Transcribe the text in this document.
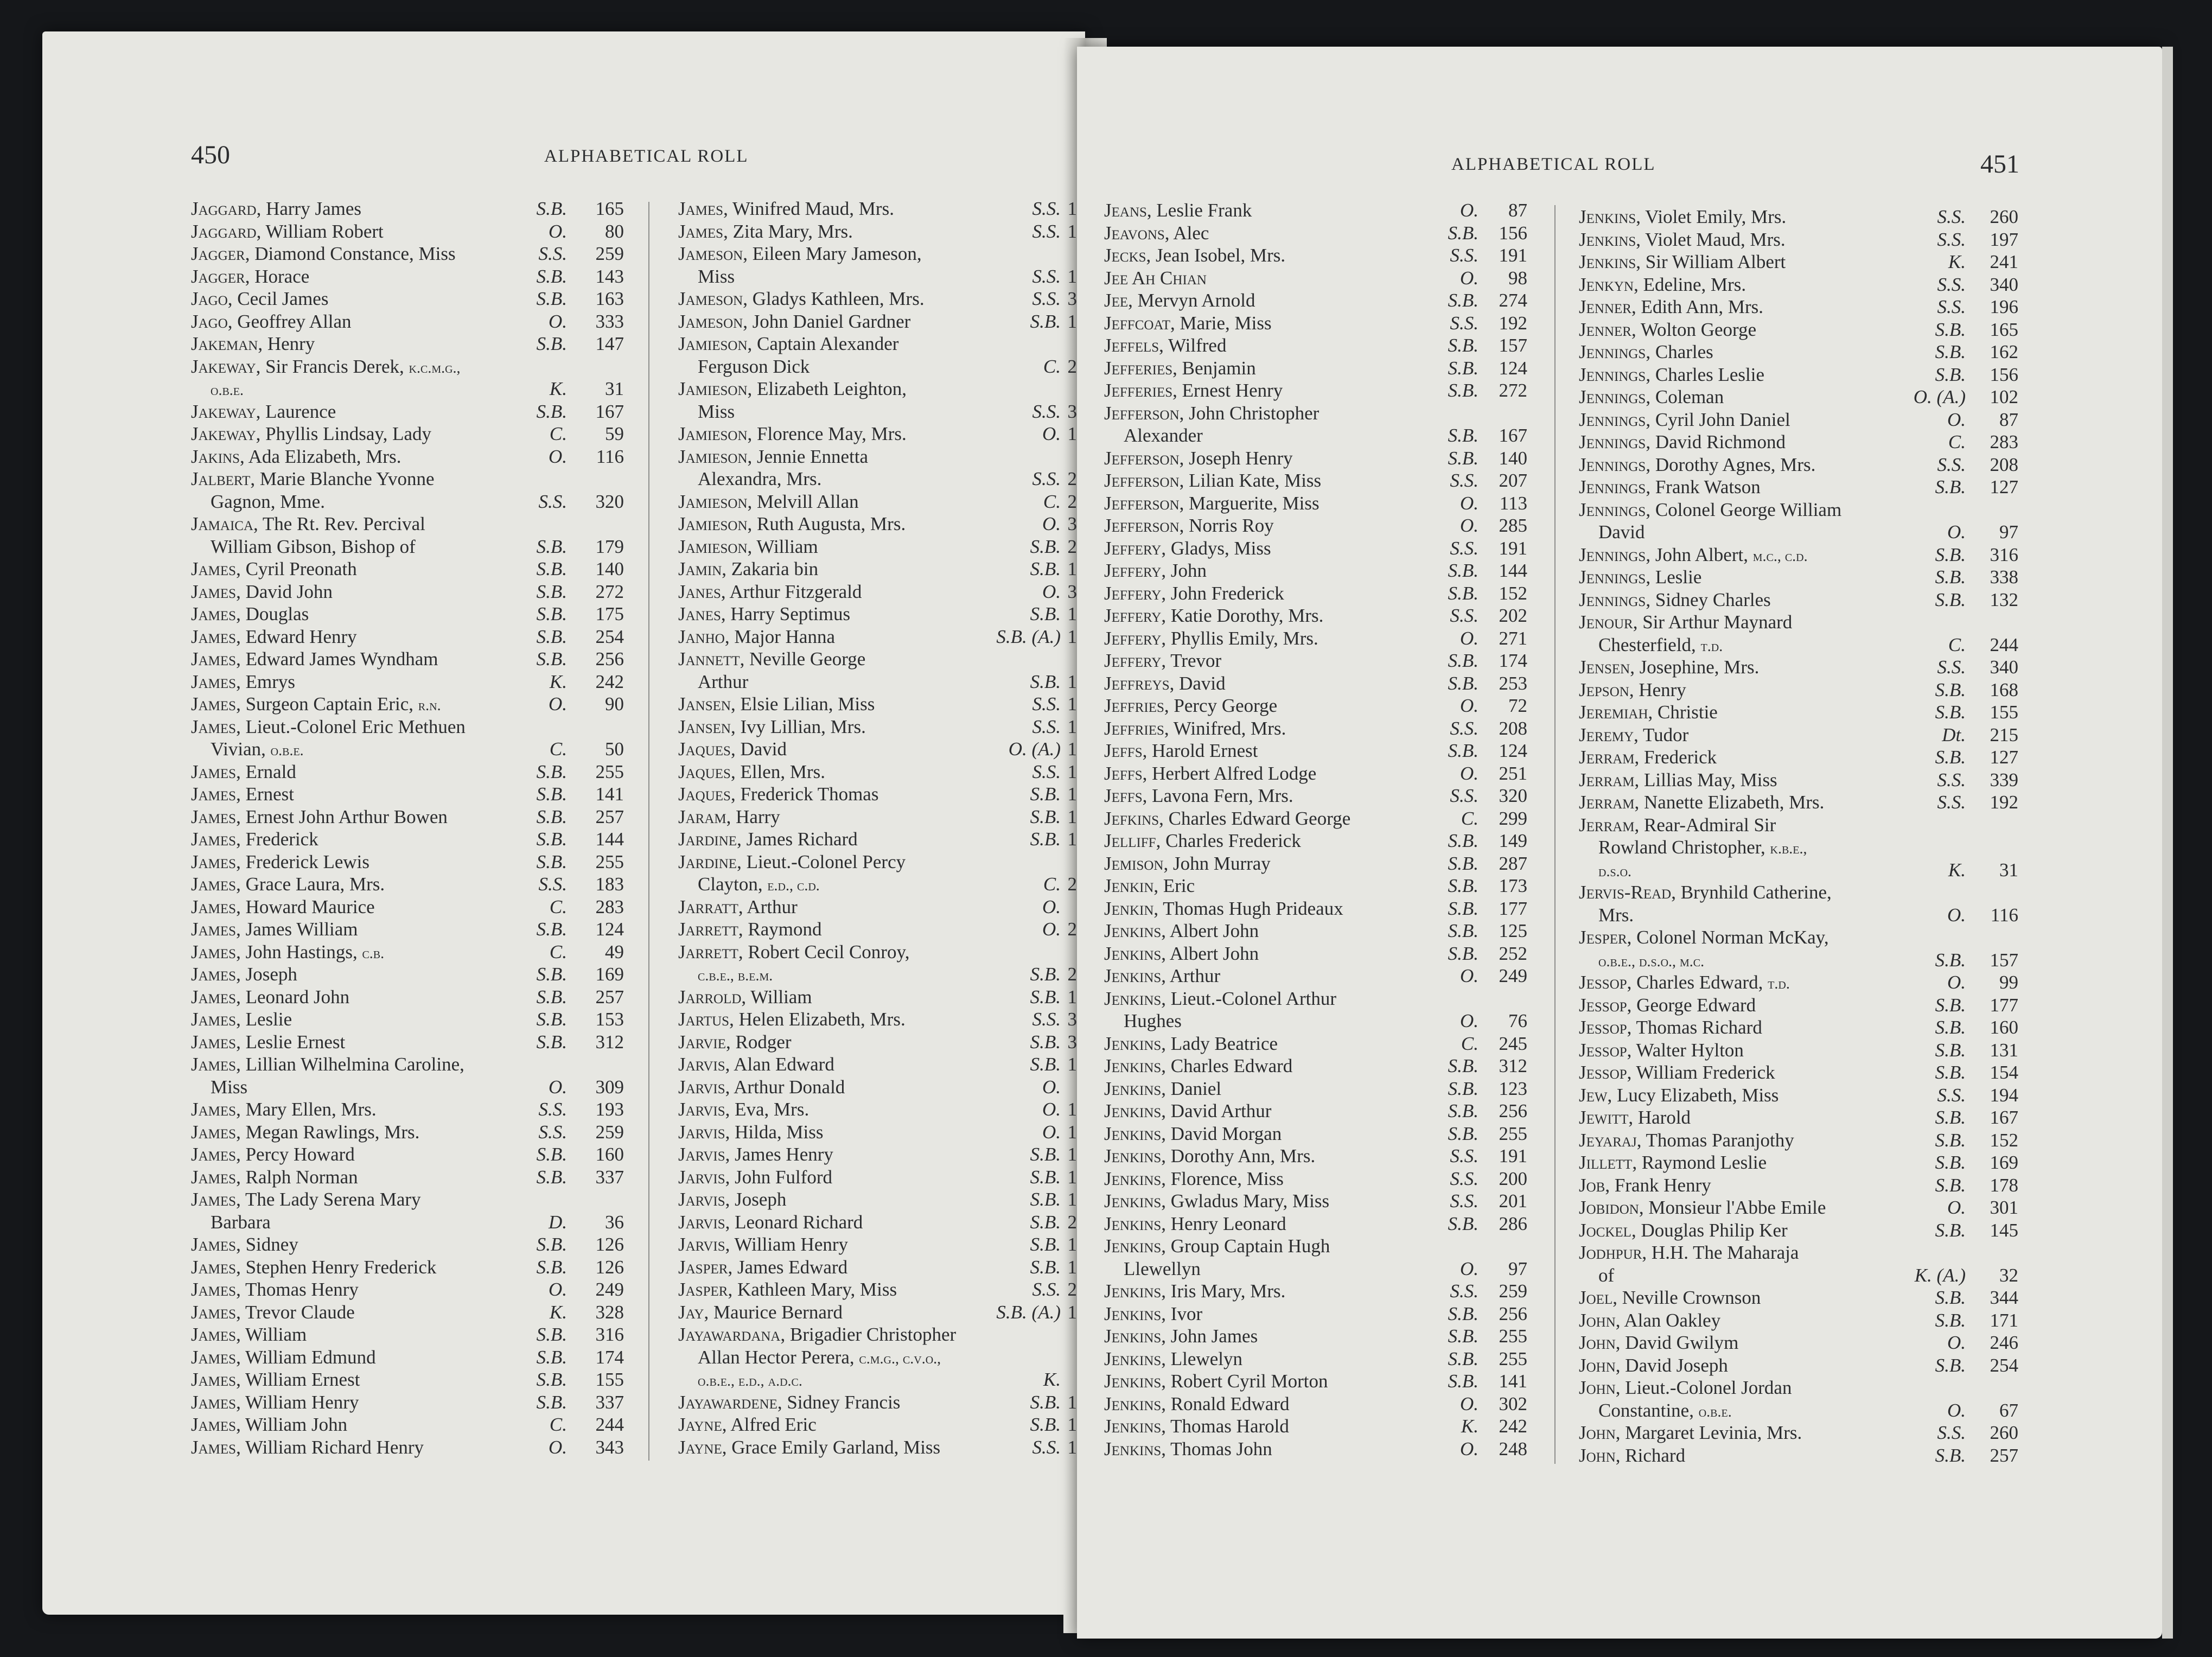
450	ALPHABETICAL ROLL	ALPHABETICAL ROLL	451
Jaggard, Harry James	S.B. 165
Jaggard, William Robert	O. 80
Jagger, Diamond Constance, Miss	S.S. 259
Jagger, Horace	S.B. 143
Jago, Cecil James	S.B. 163
Jago, Geoffrey Allan	O. 333
Jakeman, Henry	S.B. 147
Jakeway, Sir Francis Derek, k.c.m.g.,
o.b.e.	K. 31
Jakeway, Laurence	S.B. 167
Jakeway, Phyllis Lindsay, Lady	C. 59
Jakins, Ada Elizabeth, Mrs.	O. 116
Jalbert, Marie Blanche Yvonne
Gagnon, Mme.	S.S. 320
Jamaica, The Rt. Rev. Percival
William Gibson, Bishop of	S.B. 179
James, Cyril Preonath	S.B. 140
James, David John	S.B. 272
James, Douglas	S.B. 175
James, Edward Henry	S.B. 254
James, Edward James Wyndham	S.B. 256
James, Emrys	K. 242
James, Surgeon Captain Eric, r.n.	O. 90
James, Lieut.-Colonel Eric Methuen
Vivian, o.b.e.	C. 50
James, Ernald	S.B. 255
James, Ernest	S.B. 141
James, Ernest John Arthur Bowen	S.B. 257
James, Frederick	S.B. 144
James, Frederick Lewis	S.B. 255
James, Grace Laura, Mrs.	S.S. 183
James, Howard Maurice	C. 283
James, James William	S.B. 124
James, John Hastings, c.b.	C. 49
James, Joseph	S.B. 169
James, Leonard John	S.B. 257
James, Leslie	S.B. 153
James, Leslie Ernest	S.B. 312
James, Lillian Wilhelmina Caroline,
Miss	O. 309
James, Mary Ellen, Mrs.	S.S. 193
James, Megan Rawlings, Mrs.	S.S. 259
James, Percy Howard	S.B. 160
James, Ralph Norman	S.B. 337
James, The Lady Serena Mary
Barbara	D. 36
James, Sidney	S.B. 126
James, Stephen Henry Frederick	S.B. 126
James, Thomas Henry	O. 249
James, Trevor Claude	K. 328
James, William	S.B. 316
James, William Edmund	S.B. 174
James, William Ernest	S.B. 155
James, William Henry	S.B. 337
James, William John	C. 244
James, William Richard Henry	O. 343
James, Winifred Maud, Mrs.	S.S. 1
James, Zita Mary, Mrs.	S.S. 1
Jameson, Eileen Mary Jameson,
Miss	S.S. 1
Jameson, Gladys Kathleen, Mrs.	S.S. 3
Jameson, John Daniel Gardner	S.B. 1
Jamieson, Captain Alexander
Ferguson Dick	C. 2
Jamieson, Elizabeth Leighton,
Miss	S.S. 3
Jamieson, Florence May, Mrs.	O. 1
Jamieson, Jennie Ennetta
Alexandra, Mrs.	S.S. 2
Jamieson, Melvill Allan	C. 2
Jamieson, Ruth Augusta, Mrs.	O. 3
Jamieson, William	S.B. 2
Jamin, Zakaria bin	S.B. 1
Janes, Arthur Fitzgerald	O. 3
Janes, Harry Septimus	S.B. 1
Janho, Major Hanna	S.B. (A.) 1
Jannett, Neville George
Arthur	S.B. 1
Jansen, Elsie Lilian, Miss	S.S. 1
Jansen, Ivy Lillian, Mrs.	S.S. 1
Jaques, David	O. (A.) 1
Jaques, Ellen, Mrs.	S.S. 1
Jaques, Frederick Thomas	S.B. 1
Jaram, Harry	S.B. 1
Jardine, James Richard	S.B. 1
Jardine, Lieut.-Colonel Percy
Clayton, e.d., c.d.	C. 2
Jarratt, Arthur	O.
Jarrett, Raymond	O. 2
Jarrett, Robert Cecil Conroy,
c.b.e., b.e.m.	S.B. 2
Jarrold, William	S.B. 1
Jartus, Helen Elizabeth, Mrs.	S.S. 3
Jarvie, Rodger	S.B. 3
Jarvis, Alan Edward	S.B. 1
Jarvis, Arthur Donald	O.
Jarvis, Eva, Mrs.	O. 1
Jarvis, Hilda, Miss	O. 1
Jarvis, James Henry	S.B. 1
Jarvis, John Fulford	S.B. 1
Jarvis, Joseph	S.B. 1
Jarvis, Leonard Richard	S.B. 2
Jarvis, William Henry	S.B. 1
Jasper, James Edward	S.B. 1
Jasper, Kathleen Mary, Miss	S.S. 2
Jay, Maurice Bernard	S.B. (A.) 1
Jayawardana, Brigadier Christopher
Allan Hector Perera, c.m.g., c.v.o.,
o.b.e., e.d., a.d.c.	K.
Jayawardene, Sidney Francis	S.B. 1
Jayne, Alfred Eric	S.B. 1
Jayne, Grace Emily Garland, Miss	S.S. 1
Jeans, Leslie Frank	O. 87
Jeavons, Alec	S.B. 156
Jecks, Jean Isobel, Mrs.	S.S. 191
Jee Ah Chian	O. 98
Jee, Mervyn Arnold	S.B. 274
Jeffcoat, Marie, Miss	S.S. 192
Jeffels, Wilfred	S.B. 157
Jefferies, Benjamin	S.B. 124
Jefferies, Ernest Henry	S.B. 272
Jefferson, John Christopher
Alexander	S.B. 167
Jefferson, Joseph Henry	S.B. 140
Jefferson, Lilian Kate, Miss	S.S. 207
Jefferson, Marguerite, Miss	O. 113
Jefferson, Norris Roy	O. 285
Jeffery, Gladys, Miss	S.S. 191
Jeffery, John	S.B. 144
Jeffery, John Frederick	S.B. 152
Jeffery, Katie Dorothy, Mrs.	S.S. 202
Jeffery, Phyllis Emily, Mrs.	O. 271
Jeffery, Trevor	S.B. 174
Jeffreys, David	S.B. 253
Jeffries, Percy George	O. 72
Jeffries, Winifred, Mrs.	S.S. 208
Jeffs, Harold Ernest	S.B. 124
Jeffs, Herbert Alfred Lodge	O. 251
Jeffs, Lavona Fern, Mrs.	S.S. 320
Jefkins, Charles Edward George	C. 299
Jelliff, Charles Frederick	S.B. 149
Jemison, John Murray	S.B. 287
Jenkin, Eric	S.B. 173
Jenkin, Thomas Hugh Prideaux	S.B. 177
Jenkins, Albert John	S.B. 125
Jenkins, Albert John	S.B. 252
Jenkins, Arthur	O. 249
Jenkins, Lieut.-Colonel Arthur
Hughes	O. 76
Jenkins, Lady Beatrice	C. 245
Jenkins, Charles Edward	S.B. 312
Jenkins, Daniel	S.B. 123
Jenkins, David Arthur	S.B. 256
Jenkins, David Morgan	S.B. 255
Jenkins, Dorothy Ann, Mrs.	S.S. 191
Jenkins, Florence, Miss	S.S. 200
Jenkins, Gwladus Mary, Miss	S.S. 201
Jenkins, Henry Leonard	S.B. 286
Jenkins, Group Captain Hugh
Llewellyn	O. 97
Jenkins, Iris Mary, Mrs.	S.S. 259
Jenkins, Ivor	S.B. 256
Jenkins, John James	S.B. 255
Jenkins, Llewelyn	S.B. 255
Jenkins, Robert Cyril Morton	S.B. 141
Jenkins, Ronald Edward	O. 302
Jenkins, Thomas Harold	K. 242
Jenkins, Thomas John	O. 248
Jenkins, Violet Emily, Mrs.	S.S. 260
Jenkins, Violet Maud, Mrs.	S.S. 197
Jenkins, Sir William Albert	K. 241
Jenkyn, Edeline, Mrs.	S.S. 340
Jenner, Edith Ann, Mrs.	S.S. 196
Jenner, Wolton George	S.B. 165
Jennings, Charles	S.B. 162
Jennings, Charles Leslie	S.B. 156
Jennings, Coleman	O. (A.) 102
Jennings, Cyril John Daniel	O. 87
Jennings, David Richmond	C. 283
Jennings, Dorothy Agnes, Mrs.	S.S. 208
Jennings, Frank Watson	S.B. 127
Jennings, Colonel George William
David	O. 97
Jennings, John Albert, m.c., c.d.	S.B. 316
Jennings, Leslie	S.B. 338
Jennings, Sidney Charles	S.B. 132
Jenour, Sir Arthur Maynard
Chesterfield, t.d.	C. 244
Jensen, Josephine, Mrs.	S.S. 340
Jepson, Henry	S.B. 168
Jeremiah, Christie	S.B. 155
Jeremy, Tudor	Dt. 215
Jerram, Frederick	S.B. 127
Jerram, Lillias May, Miss	S.S. 339
Jerram, Nanette Elizabeth, Mrs.	S.S. 192
Jerram, Rear-Admiral Sir
Rowland Christopher, k.b.e.,
d.s.o.	K. 31
Jervis-Read, Brynhild Catherine,
Mrs.	O. 116
Jesper, Colonel Norman McKay,
o.b.e., d.s.o., m.c.	S.B. 157
Jessop, Charles Edward, t.d.	O. 99
Jessop, George Edward	S.B. 177
Jessop, Thomas Richard	S.B. 160
Jessop, Walter Hylton	S.B. 131
Jessop, William Frederick	S.B. 154
Jew, Lucy Elizabeth, Miss	S.S. 194
Jewitt, Harold	S.B. 167
Jeyaraj, Thomas Paranjothy	S.B. 152
Jillett, Raymond Leslie	S.B. 169
Job, Frank Henry	S.B. 178
Jobidon, Monsieur l'Abbe Emile	O. 301
Jockel, Douglas Philip Ker	S.B. 145
Jodhpur, H.H. The Maharaja
of	K. (A.) 32
Joel, Neville Crownson	S.B. 344
John, Alan Oakley	S.B. 171
John, David Gwilym	O. 246
John, David Joseph	S.B. 254
John, Lieut.-Colonel Jordan
Constantine, o.b.e.	O. 67
John, Margaret Levinia, Mrs.	S.S. 260
John, Richard	S.B. 257
